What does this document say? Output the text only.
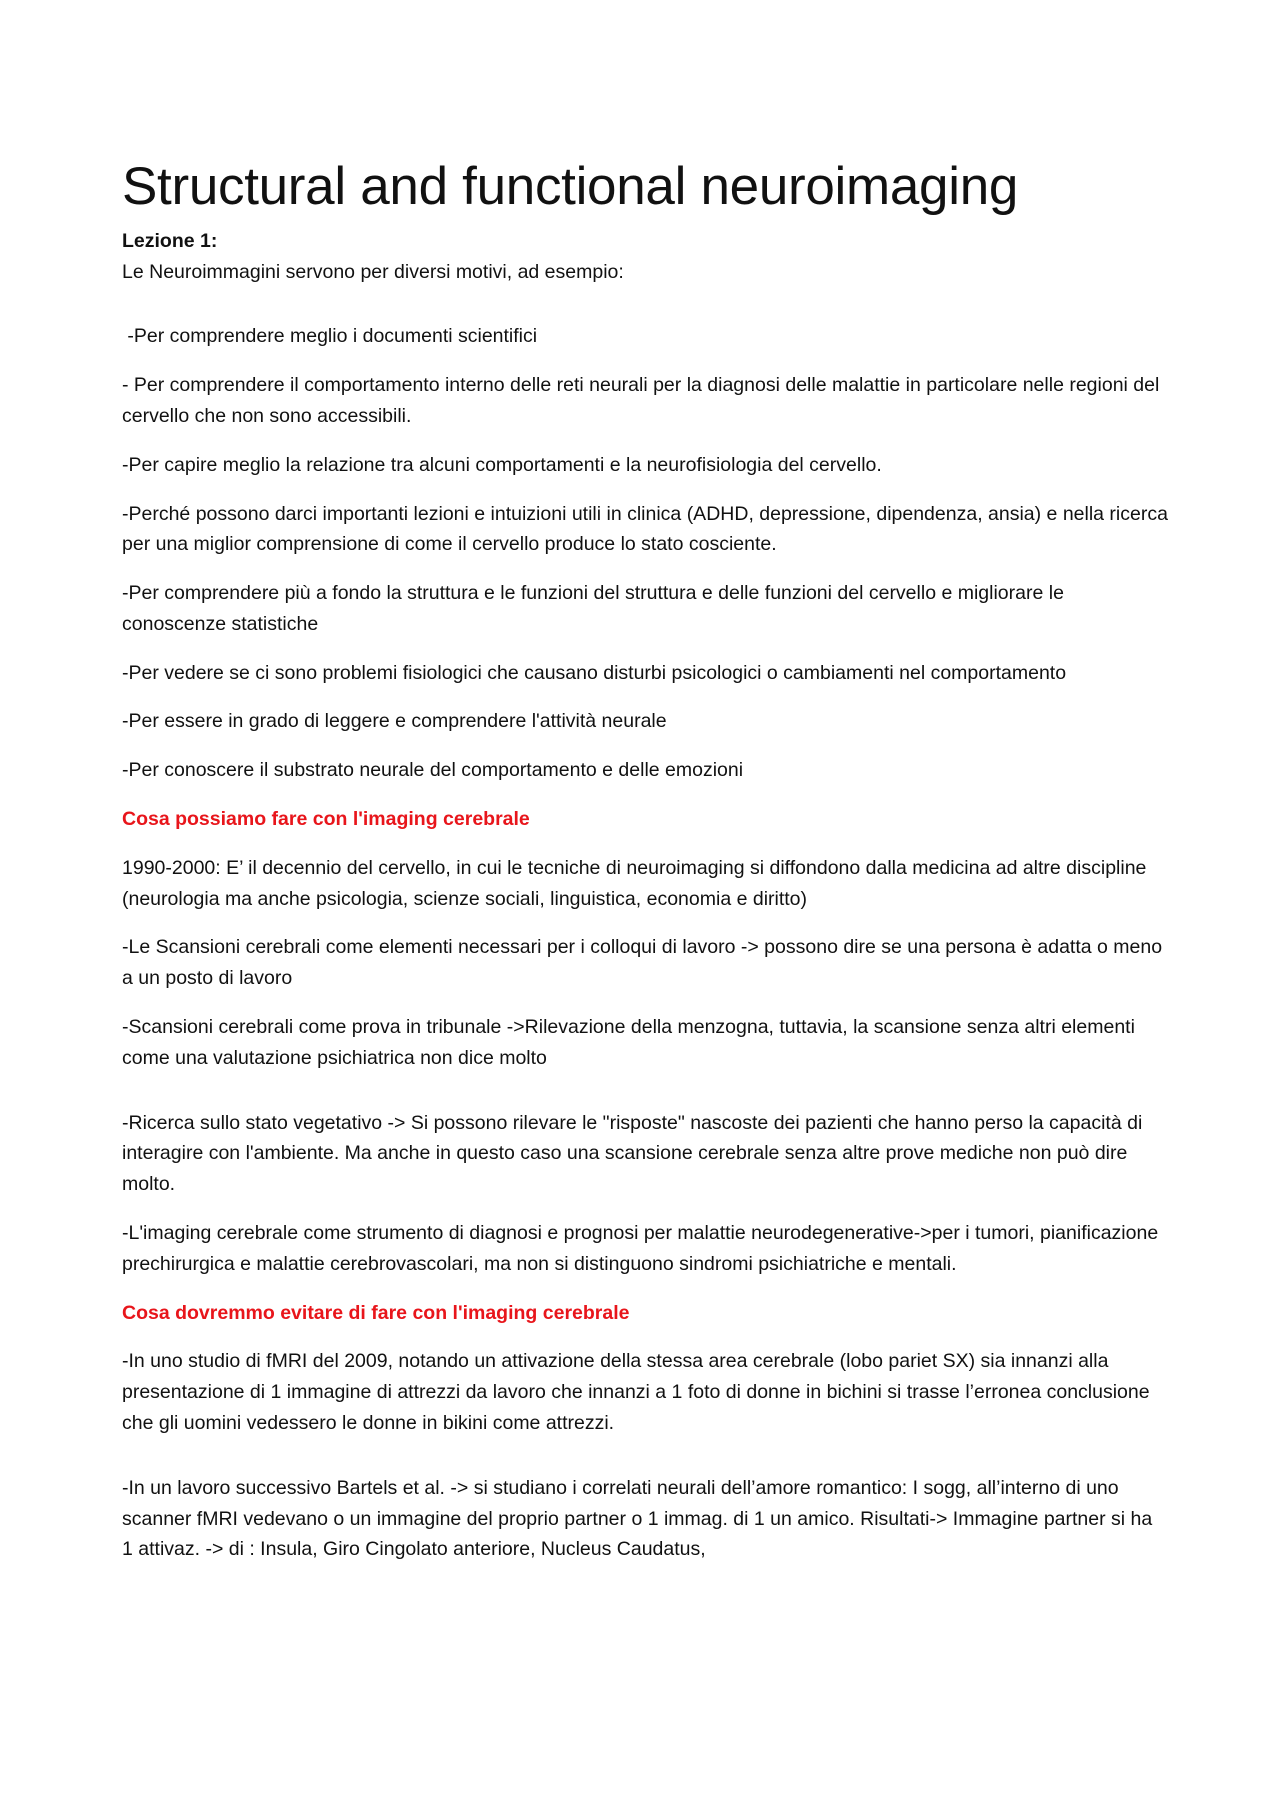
Structural and functional neuroimaging

Lezione 1:

Le Neuroimmagini servono per diversi motivi, ad esempio:

-Per comprendere meglio i documenti scientifici

- Per comprendere il comportamento interno delle reti neurali per la diagnosi delle malattie in particolare nelle regioni del cervello che non sono accessibili.

-Per capire meglio la relazione tra alcuni comportamenti e la neurofisiologia del cervello.

-Perché possono darci importanti lezioni e intuizioni utili in clinica (ADHD, depressione, dipendenza, ansia) e nella ricerca per una miglior comprensione di come il cervello produce lo stato cosciente.

-Per comprendere più a fondo la struttura e le funzioni del struttura e delle funzioni del cervello e migliorare le conoscenze statistiche

-Per vedere se ci sono problemi fisiologici che causano disturbi psicologici o cambiamenti nel comportamento

-Per essere in grado di leggere e comprendere l'attività neurale

-Per conoscere il substrato neurale del comportamento e delle emozioni

Cosa possiamo fare con l'imaging cerebrale

1990-2000: E’ il decennio del cervello, in cui le tecniche di neuroimaging si diffondono dalla medicina ad altre discipline (neurologia ma anche psicologia, scienze sociali, linguistica, economia e diritto)

-Le Scansioni cerebrali come elementi necessari per i colloqui di lavoro -> possono dire se una persona è adatta o meno a un posto di lavoro

-Scansioni cerebrali come prova in tribunale ->Rilevazione della menzogna, tuttavia, la scansione senza altri elementi come una valutazione psichiatrica non dice molto

-Ricerca sullo stato vegetativo -> Si possono rilevare le "risposte" nascoste dei pazienti che hanno perso la capacità di interagire con l'ambiente. Ma anche in questo caso una scansione cerebrale senza altre prove mediche non può dire molto.

-L'imaging cerebrale come strumento di diagnosi e prognosi per malattie neurodegenerative->per i tumori, pianificazione prechirurgica e malattie cerebrovascolari, ma non si distinguono sindromi psichiatriche e mentali.

Cosa dovremmo evitare di fare con l'imaging cerebrale

-In uno studio di fMRI del 2009, notando un attivazione della stessa area cerebrale (lobo pariet SX) sia innanzi alla presentazione di 1 immagine di attrezzi da lavoro che innanzi a 1 foto di donne in bichini si trasse l’erronea conclusione che gli uomini vedessero le donne in bikini come attrezzi.

-In un lavoro successivo Bartels et al. -> si studiano i correlati neurali dell’amore romantico: I sogg, all’interno di uno scanner fMRI vedevano o un immagine del proprio partner o 1 immag. di 1 un amico. Risultati-> Immagine partner si ha 1 attivaz. -> di : Insula, Giro Cingolato anteriore, Nucleus Caudatus,
